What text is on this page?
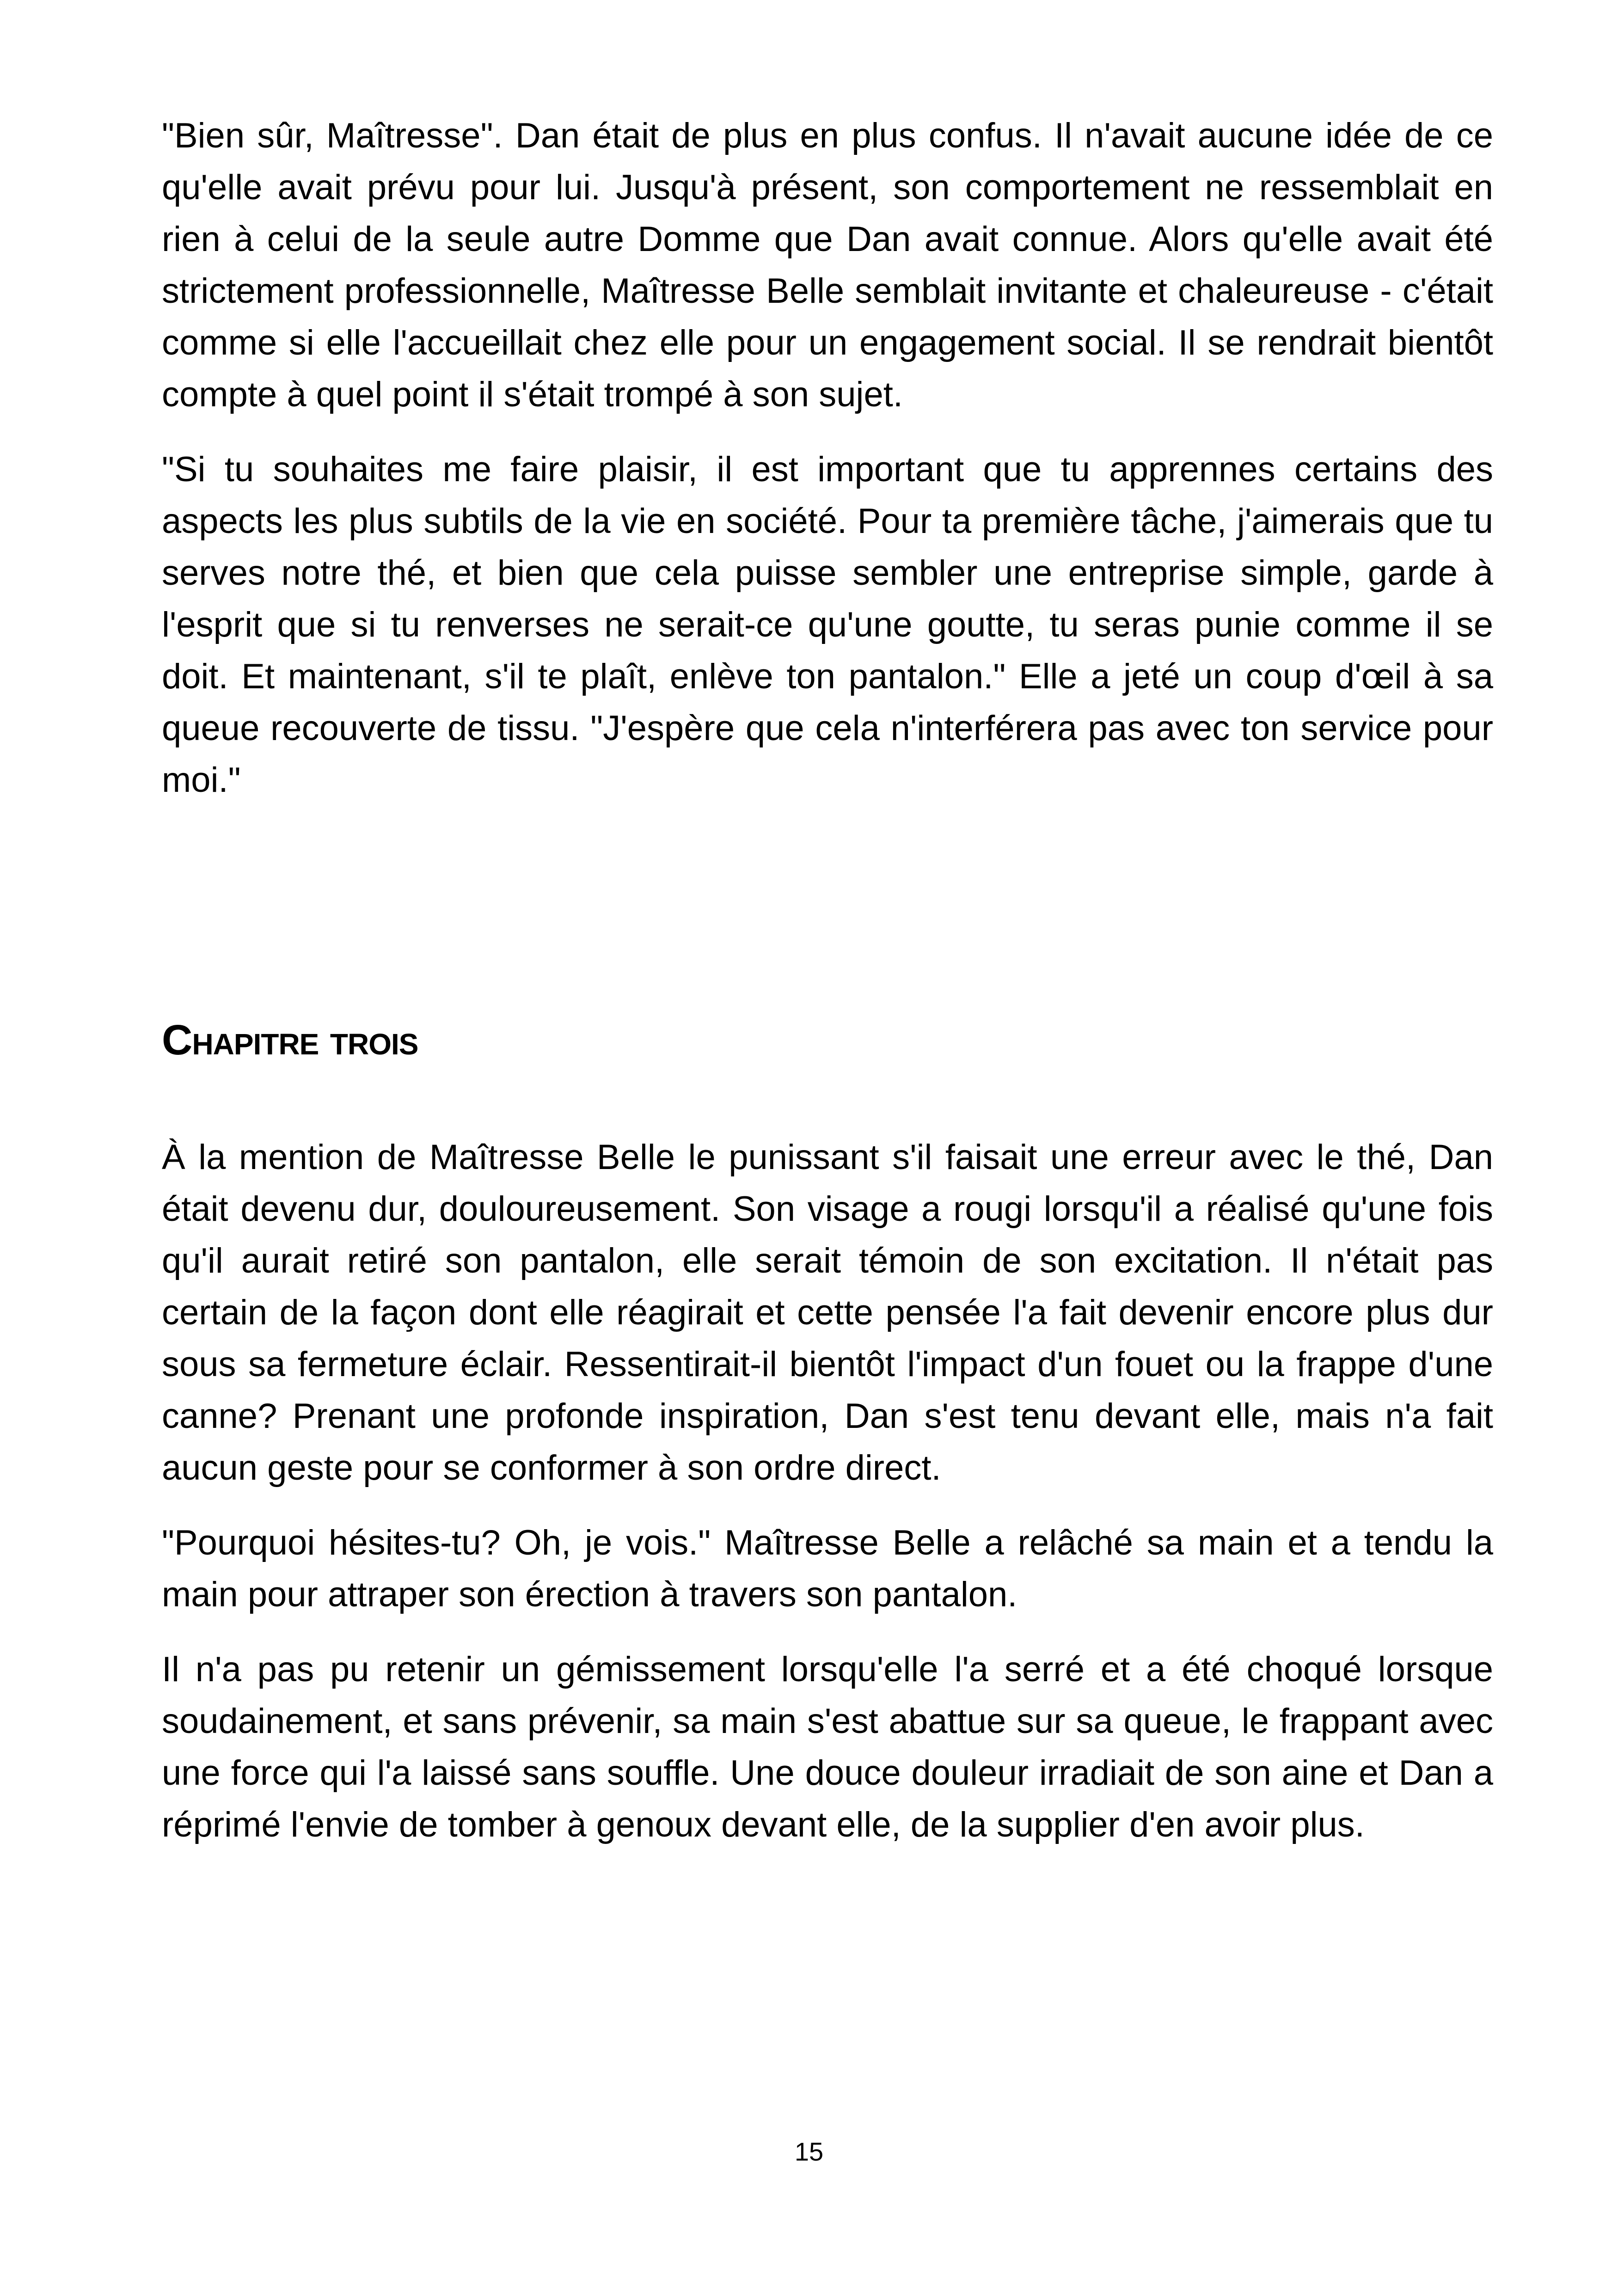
"Bien sûr, Maîtresse". Dan était de plus en plus confus. Il n'avait aucune idée de ce qu'elle avait prévu pour lui. Jusqu'à présent, son comportement ne ressemblait en rien à celui de la seule autre Domme que Dan avait connue. Alors qu'elle avait été strictement professionnelle, Maîtresse Belle semblait invitante et chaleureuse - c'était comme si elle l'accueillait chez elle pour un engagement social. Il se rendrait bientôt compte à quel point il s'était trompé à son sujet.

"Si tu souhaites me faire plaisir, il est important que tu apprennes certains des aspects les plus subtils de la vie en société. Pour ta première tâche, j'aimerais que tu serves notre thé, et bien que cela puisse sembler une entreprise simple, garde à l'esprit que si tu renverses ne serait-ce qu'une goutte, tu seras punie comme il se doit. Et maintenant, s'il te plaît, enlève ton pantalon." Elle a jeté un coup d'œil à sa queue recouverte de tissu. "J'espère que cela n'interférera pas avec ton service pour moi."

Chapitre trois

À la mention de Maîtresse Belle le punissant s'il faisait une erreur avec le thé, Dan était devenu dur, douloureusement. Son visage a rougi lorsqu'il a réalisé qu'une fois qu'il aurait retiré son pantalon, elle serait témoin de son excitation. Il n'était pas certain de la façon dont elle réagirait et cette pensée l'a fait devenir encore plus dur sous sa fermeture éclair. Ressentirait-il bientôt l'impact d'un fouet ou la frappe d'une canne? Prenant une profonde inspiration, Dan s'est tenu devant elle, mais n'a fait aucun geste pour se conformer à son ordre direct.

"Pourquoi hésites-tu? Oh, je vois." Maîtresse Belle a relâché sa main et a tendu la main pour attraper son érection à travers son pantalon.

Il n'a pas pu retenir un gémissement lorsqu'elle l'a serré et a été choqué lorsque soudainement, et sans prévenir, sa main s'est abattue sur sa queue, le frappant avec une force qui l'a laissé sans souffle. Une douce douleur irradiait de son aine et Dan a réprimé l'envie de tomber à genoux devant elle, de la supplier d'en avoir plus.

15
